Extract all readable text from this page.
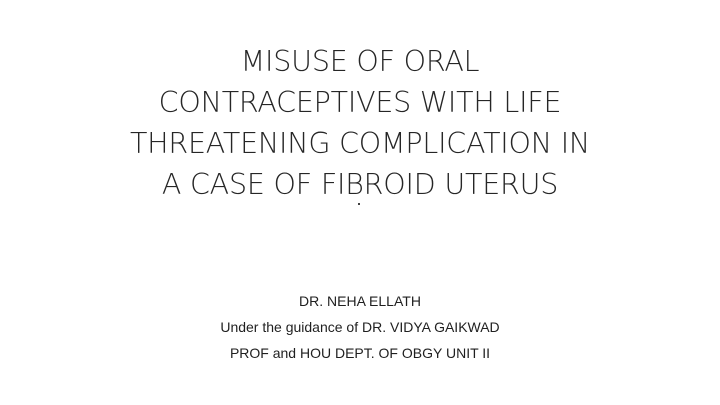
MISUSE OF ORAL
CONTRACEPTIVES WITH LIFE
THREATENING COMPLICATION IN
A CASE OF FIBROID UTERUS
DR. NEHA ELLATH
Under the guidance of DR. VIDYA GAIKWAD
PROF and HOU DEPT. OF OBGY UNIT II
